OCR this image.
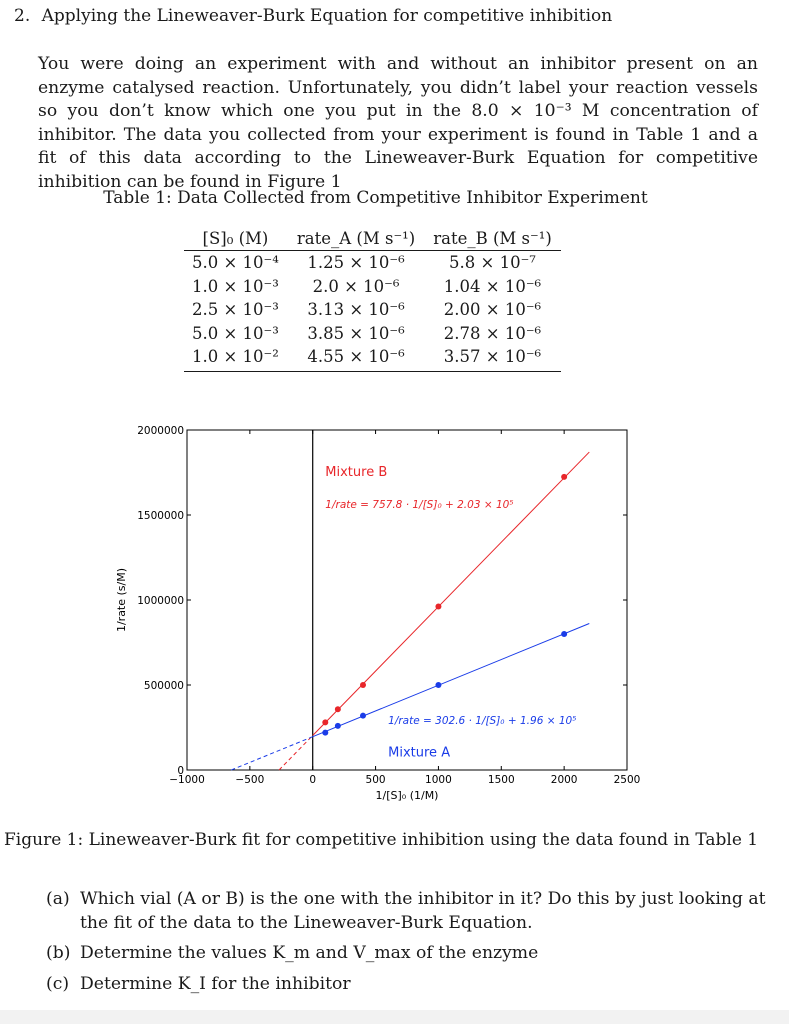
2. Applying the Lineweaver-Burk Equation for competitive inhibition
You were doing an experiment with and without an inhibitor present on an enzyme catalysed reaction. Unfortunately, you didn’t label your reaction vessels so you don’t know which one you put in the 8.0 × 10⁻³ M concentration of inhibitor. The data you collected from your experiment is found in Table 1 and a fit of this data according to the Lineweaver-Burk Equation for competitive inhibition can be found in Figure 1
Table 1: Data Collected from Competitive Inhibitor Experiment
[S]₀ (M)	rate_A (M s⁻¹)	rate_B (M s⁻¹)
5.0 × 10⁻⁴	1.25 × 10⁻⁶	5.8 × 10⁻⁷
1.0 × 10⁻³	2.0 × 10⁻⁶	1.04 × 10⁻⁶
2.5 × 10⁻³	3.13 × 10⁻⁶	2.00 × 10⁻⁶
5.0 × 10⁻³	3.85 × 10⁻⁶	2.78 × 10⁻⁶
1.0 × 10⁻²	4.55 × 10⁻⁶	3.57 × 10⁻⁶
−1000	−500	0	500	1000	1500	2000	2500
0
500000
1000000
1500000
2000000
1/[S]₀ (1/M)
1/rate (s/M)
Mixture B
1/rate = 757.8 · 1/[S]₀ + 2.03 × 10⁵
1/rate = 302.6 · 1/[S]₀ + 1.96 × 10⁵
Mixture A
Figure 1: Lineweaver-Burk fit for competitive inhibition using the data found in Table 1
(a) Which vial (A or B) is the one with the inhibitor in it? Do this by just looking at the fit of the data to the Lineweaver-Burk Equation.
(b) Determine the values K_m and V_max of the enzyme
(c) Determine K_I for the inhibitor
